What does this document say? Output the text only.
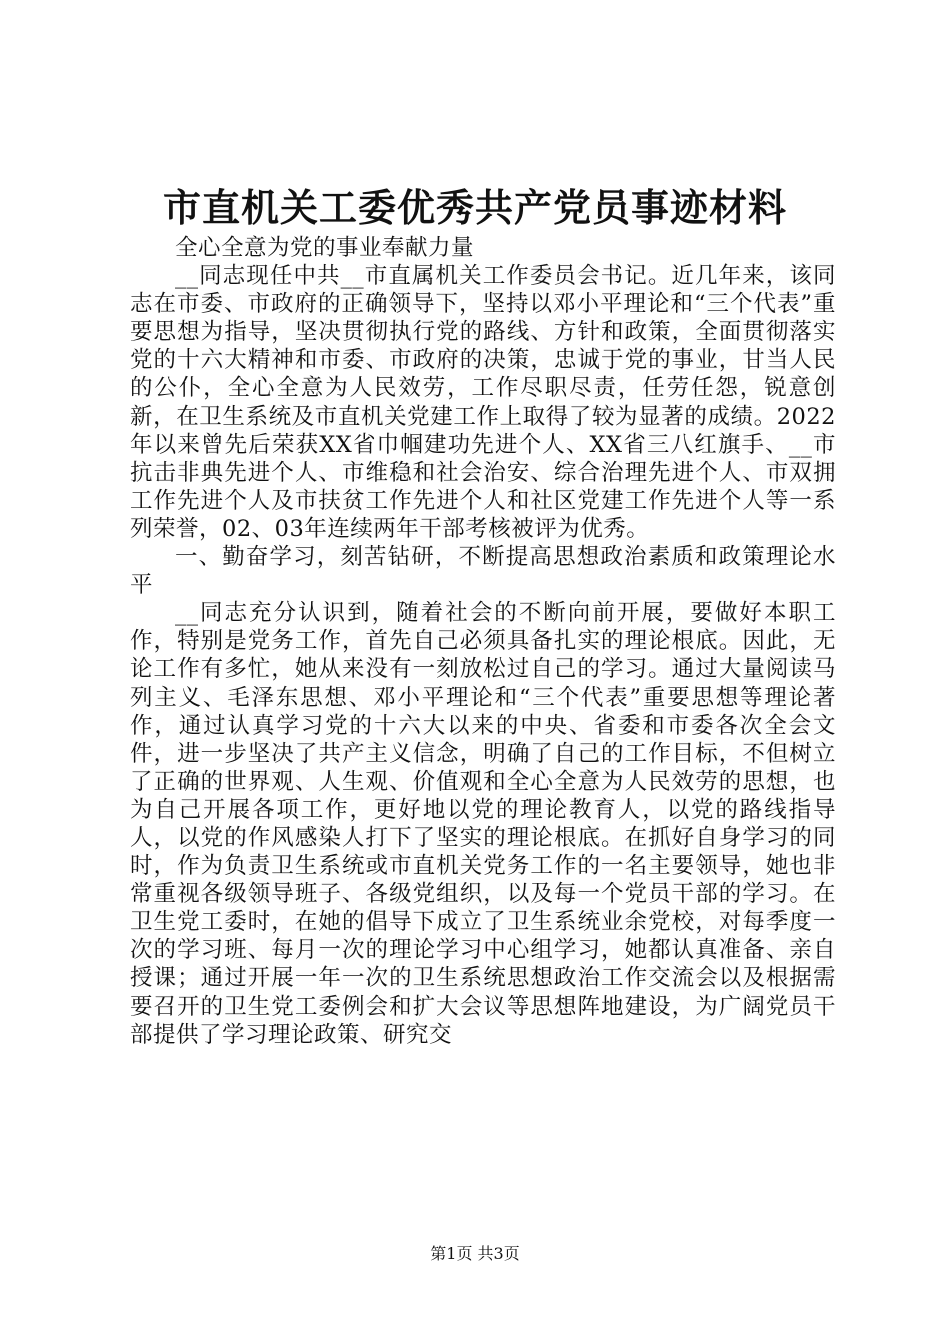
市直机关工委优秀共产党员事迹材料

全心全意为党的事业奉献力量

__同志现任中共__市直属机关工作委员会书记。近几年来，该同志在市委、市政府的正确领导下，坚持以邓小平理论和“三个代表”重要思想为指导，坚决贯彻执行党的路线、方针和政策，全面贯彻落实党的十六大精神和市委、市政府的决策，忠诚于党的事业，甘当人民的公仆，全心全意为人民效劳，工作尽职尽责，任劳任怨，锐意创新，在卫生系统及市直机关党建工作上取得了较为显著的成绩。2022年以来曾先后荣获XX省巾帼建功先进个人、XX省三八红旗手、__市抗击非典先进个人、市维稳和社会治安、综合治理先进个人、市双拥工作先进个人及市扶贫工作先进个人和社区党建工作先进个人等一系列荣誉，02、03年连续两年干部考核被评为优秀。

一、勤奋学习，刻苦钻研，不断提高思想政治素质和政策理论水平

__同志充分认识到，随着社会的不断向前开展，要做好本职工作，特别是党务工作，首先自己必须具备扎实的理论根底。因此，无论工作有多忙，她从来没有一刻放松过自己的学习。通过大量阅读马列主义、毛泽东思想、邓小平理论和“三个代表”重要思想等理论著作，通过认真学习党的十六大以来的中央、省委和市委各次全会文件，进一步坚决了共产主义信念，明确了自己的工作目标，不但树立了正确的世界观、人生观、价值观和全心全意为人民效劳的思想，也为自己开展各项工作，更好地以党的理论教育人，以党的路线指导人，以党的作风感染人打下了坚实的理论根底。在抓好自身学习的同时，作为负责卫生系统或市直机关党务工作的一名主要领导，她也非常重视各级领导班子、各级党组织，以及每一个党员干部的学习。在卫生党工委时，在她的倡导下成立了卫生系统业余党校，对每季度一次的学习班、每月一次的理论学习中心组学习，她都认真准备、亲自授课；通过开展一年一次的卫生系统思想政治工作交流会以及根据需要召开的卫生党工委例会和扩大会议等思想阵地建设，为广阔党员干部提供了学习理论政策、研究交

第1页 共3页
